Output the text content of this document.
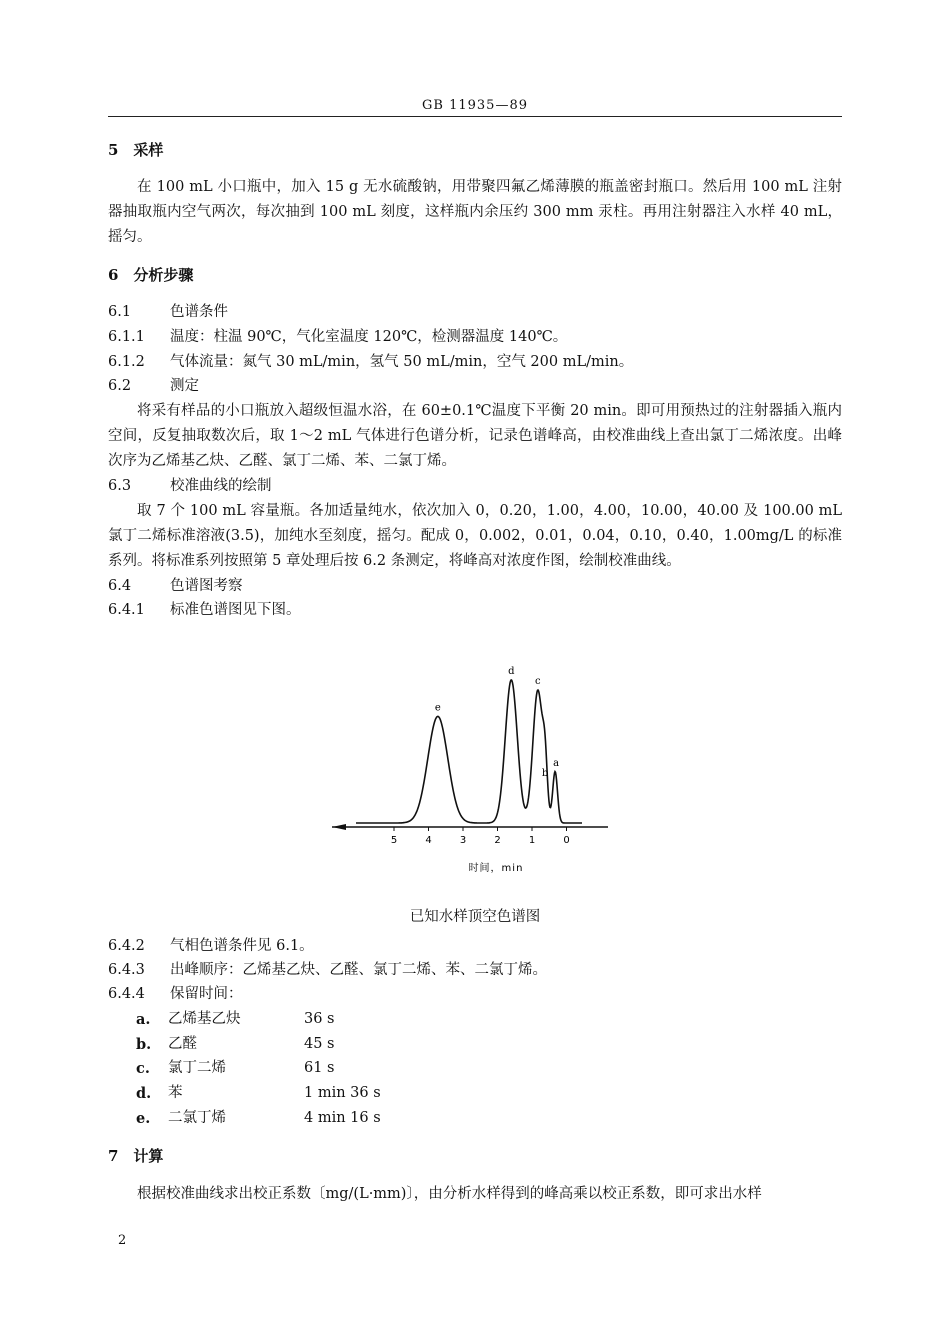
GB 11935—89
5　采样
在 100 mL 小口瓶中，加入 15 g 无水硫酸钠，用带聚四氟乙烯薄膜的瓶盖密封瓶口。然后用 100 mL 注射器抽取瓶内空气两次，每次抽到 100 mL 刻度，这样瓶内余压约 300 mm 汞柱。再用注射器注入水样 40 mL，摇匀。
6　分析步骤
6.1	色谱条件
6.1.1 温度：柱温 90℃，气化室温度 120℃，检测器温度 140℃。
6.1.2 气体流量：氮气 30 mL/min，氢气 50 mL/min，空气 200 mL/min。
6.2	测定
将采有样品的小口瓶放入超级恒温水浴，在 60±0.1℃温度下平衡 20 min。即可用预热过的注射器插入瓶内空间，反复抽取数次后，取 1～2 mL 气体进行色谱分析，记录色谱峰高，由校准曲线上查出氯丁二烯浓度。出峰次序为乙烯基乙炔、乙醛、氯丁二烯、苯、二氯丁烯。
6.3	校准曲线的绘制
取 7 个 100 mL 容量瓶。各加适量纯水，依次加入 0，0.20，1.00，4.00，10.00，40.00 及 100.00 mL 氯丁二烯标准溶液(3.5)，加纯水至刻度，摇匀。配成 0，0.002，0.01，0.04，0.10，0.40，1.00mg/L 的标准系列。将标准系列按照第 5 章处理后按 6.2 条测定，将峰高对浓度作图，绘制校准曲线。
6.4	色谱图考察
6.4.1 标准色谱图见下图。
5	4	3	2	1	0
e
d
c
b
a
时间，min
已知水样顶空色谱图
6.4.2 气相色谱条件见 6.1。
6.4.3 出峰顺序：乙烯基乙炔、乙醛、氯丁二烯、苯、二氯丁烯。
6.4.4 保留时间：
a. 乙烯基乙炔	36 s
b. 乙醛	45 s
c. 氯丁二烯	61 s
d. 苯	1 min 36 s
e. 二氯丁烯	4 min 16 s
7　计算
根据校准曲线求出校正系数〔mg/(L·mm)〕，由分析水样得到的峰高乘以校正系数，即可求出水样
2
